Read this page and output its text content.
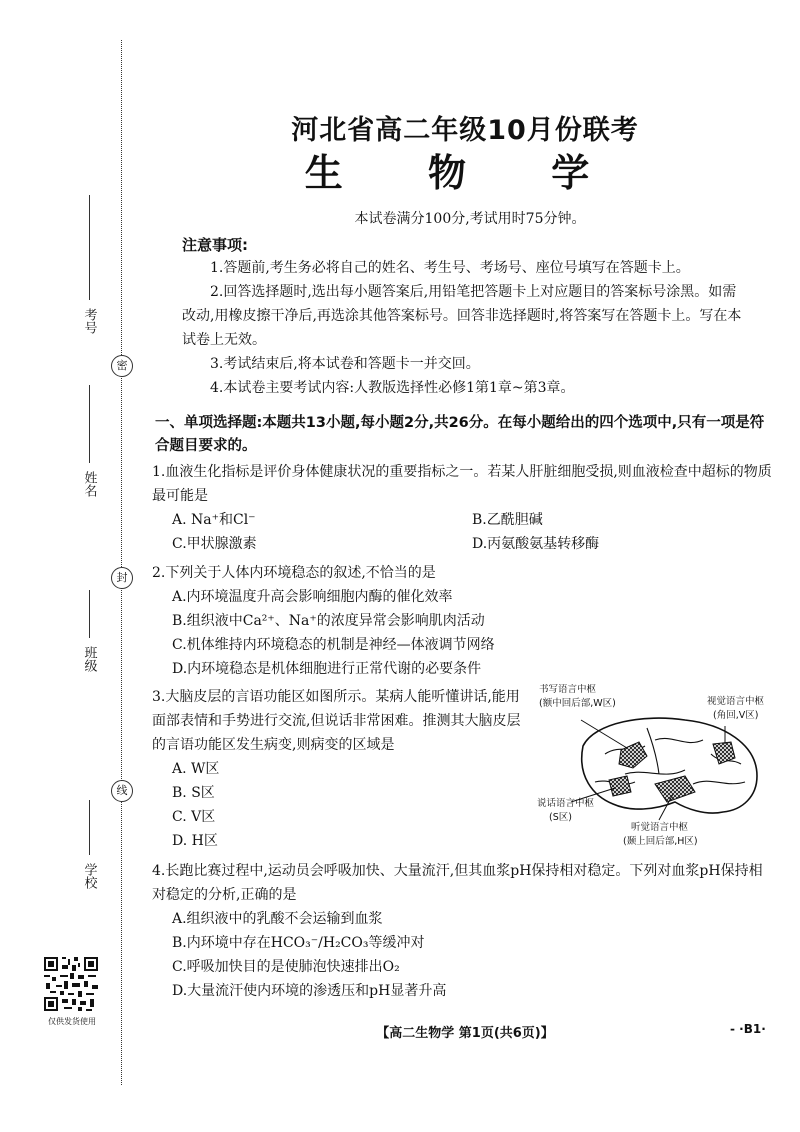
密
封
线
考号
姓名
班级
学校
仅供发货使用
河北省高二年级10月份联考
生 物 学
本试卷满分100分,考试用时75分钟。
注意事项:

1.答题前,考生务必将自己的姓名、考生号、考场号、座位号填写在答题卡上。

2.回答选择题时,选出每小题答案后,用铅笔把答题卡上对应题目的答案标号涂黑。如需改动,用橡皮擦干净后,再选涂其他答案标号。回答非选择题时,将答案写在答题卡上。写在本试卷上无效。

3.考试结束后,将本试卷和答题卡一并交回。

4.本试卷主要考试内容:人教版选择性必修1第1章~第3章。

一、单项选择题:本题共13小题,每小题2分,共26分。在每小题给出的四个选项中,只有一项是符合题目要求的。

1.血液生化指标是评价身体健康状况的重要指标之一。若某人肝脏细胞受损,则血液检查中超标的物质最可能是

A. Na⁺和Cl⁻	B.乙酰胆碱
C.甲状腺激素	D.丙氨酸氨基转移酶

2.下列关于人体内环境稳态的叙述,不恰当的是

A.内环境温度升高会影响细胞内酶的催化效率

B.组织液中Ca²⁺、Na⁺的浓度异常会影响肌肉活动

C.机体维持内环境稳态的机制是神经—体液调节网络

D.内环境稳态是机体细胞进行正常代谢的必要条件

3.大脑皮层的言语功能区如图所示。某病人能听懂讲话,能用面部表情和手势进行交流,但说话非常困难。推测其大脑皮层的言语功能区发生病变,则病变的区域是

A. W区

B. S区

C. V区

D. H区

书写语言中枢
(额中回后部,W区)	视觉语言中枢
(角回,V区)
说话语言中枢
(S区)
听觉语言中枢
(颞上回后部,H区)

4.长跑比赛过程中,运动员会呼吸加快、大量流汗,但其血浆pH保持相对稳定。下列对血浆pH保持相对稳定的分析,正确的是

A.组织液中的乳酸不会运输到血浆

B.内环境中存在HCO₃⁻/H₂CO₃等缓冲对

C.呼吸加快目的是使肺泡快速排出O₂

D.大量流汗使内环境的渗透压和pH显著升高

【高二生物学 第1页(共6页)】	- ·B1·
